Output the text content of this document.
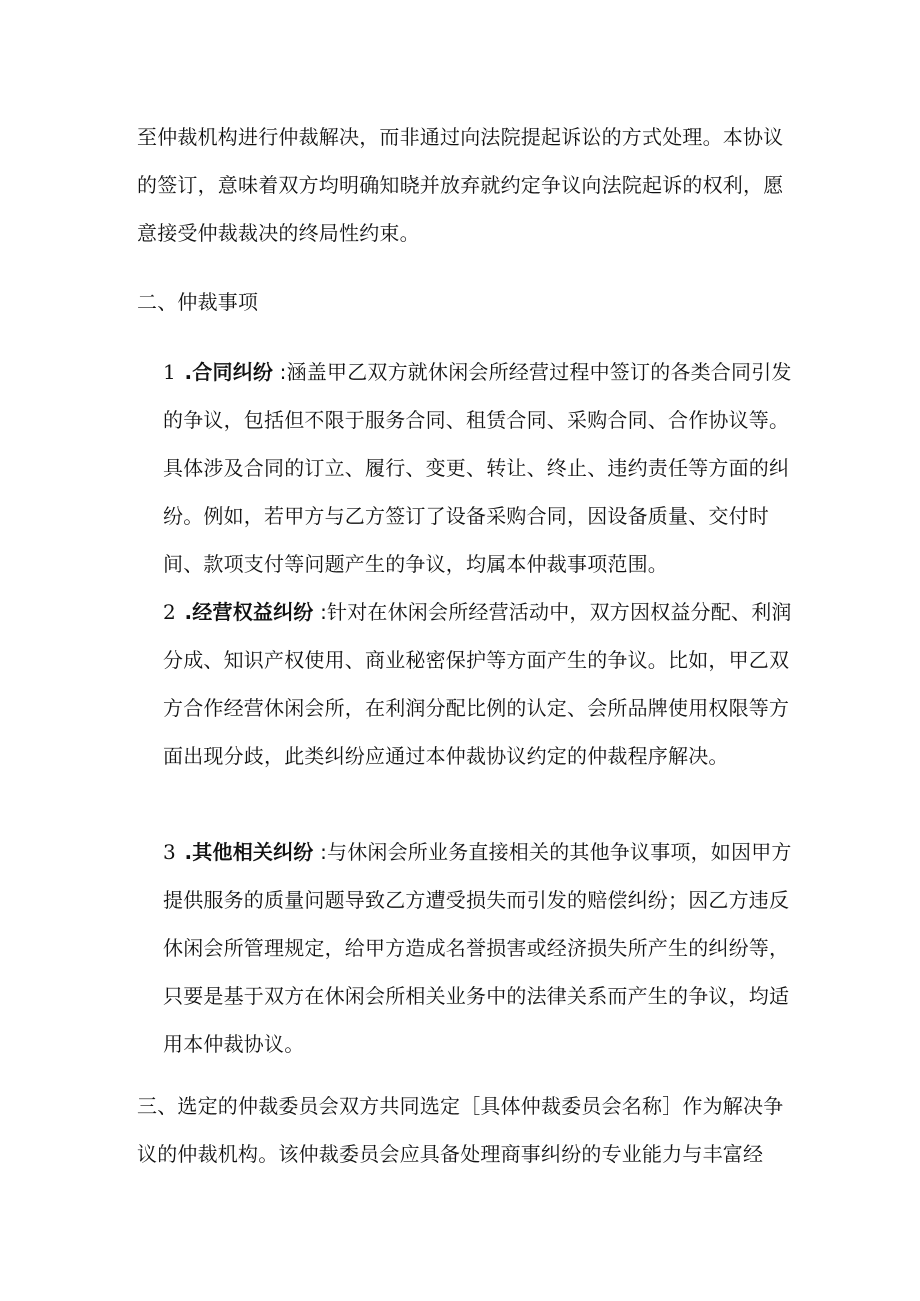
至仲裁机构进行仲裁解决，而非通过向法院提起诉讼的方式处理。本协议的签订，意味着双方均明确知晓并放弃就约定争议向法院起诉的权利，愿意接受仲裁裁决的终局性约束。

二、仲裁事项

1 .合同纠纷 :涵盖甲乙双方就休闲会所经营过程中签订的各类合同引发的争议，包括但不限于服务合同、租赁合同、采购合同、合作协议等。具体涉及合同的订立、履行、变更、转让、终止、违约责任等方面的纠纷。例如，若甲方与乙方签订了设备采购合同，因设备质量、交付时间、款项支付等问题产生的争议，均属本仲裁事项范围。

2 .经营权益纠纷 :针对在休闲会所经营活动中，双方因权益分配、利润分成、知识产权使用、商业秘密保护等方面产生的争议。比如，甲乙双方合作经营休闲会所，在利润分配比例的认定、会所品牌使用权限等方面出现分歧，此类纠纷应通过本仲裁协议约定的仲裁程序解决。

3 .其他相关纠纷 :与休闲会所业务直接相关的其他争议事项，如因甲方提供服务的质量问题导致乙方遭受损失而引发的赔偿纠纷；因乙方违反休闲会所管理规定，给甲方造成名誉损害或经济损失所产生的纠纷等，只要是基于双方在休闲会所相关业务中的法律关系而产生的争议，均适用本仲裁协议。

三、选定的仲裁委员会双方共同选定［具体仲裁委员会名称］作为解决争议的仲裁机构。该仲裁委员会应具备处理商事纠纷的专业能力与丰富经
